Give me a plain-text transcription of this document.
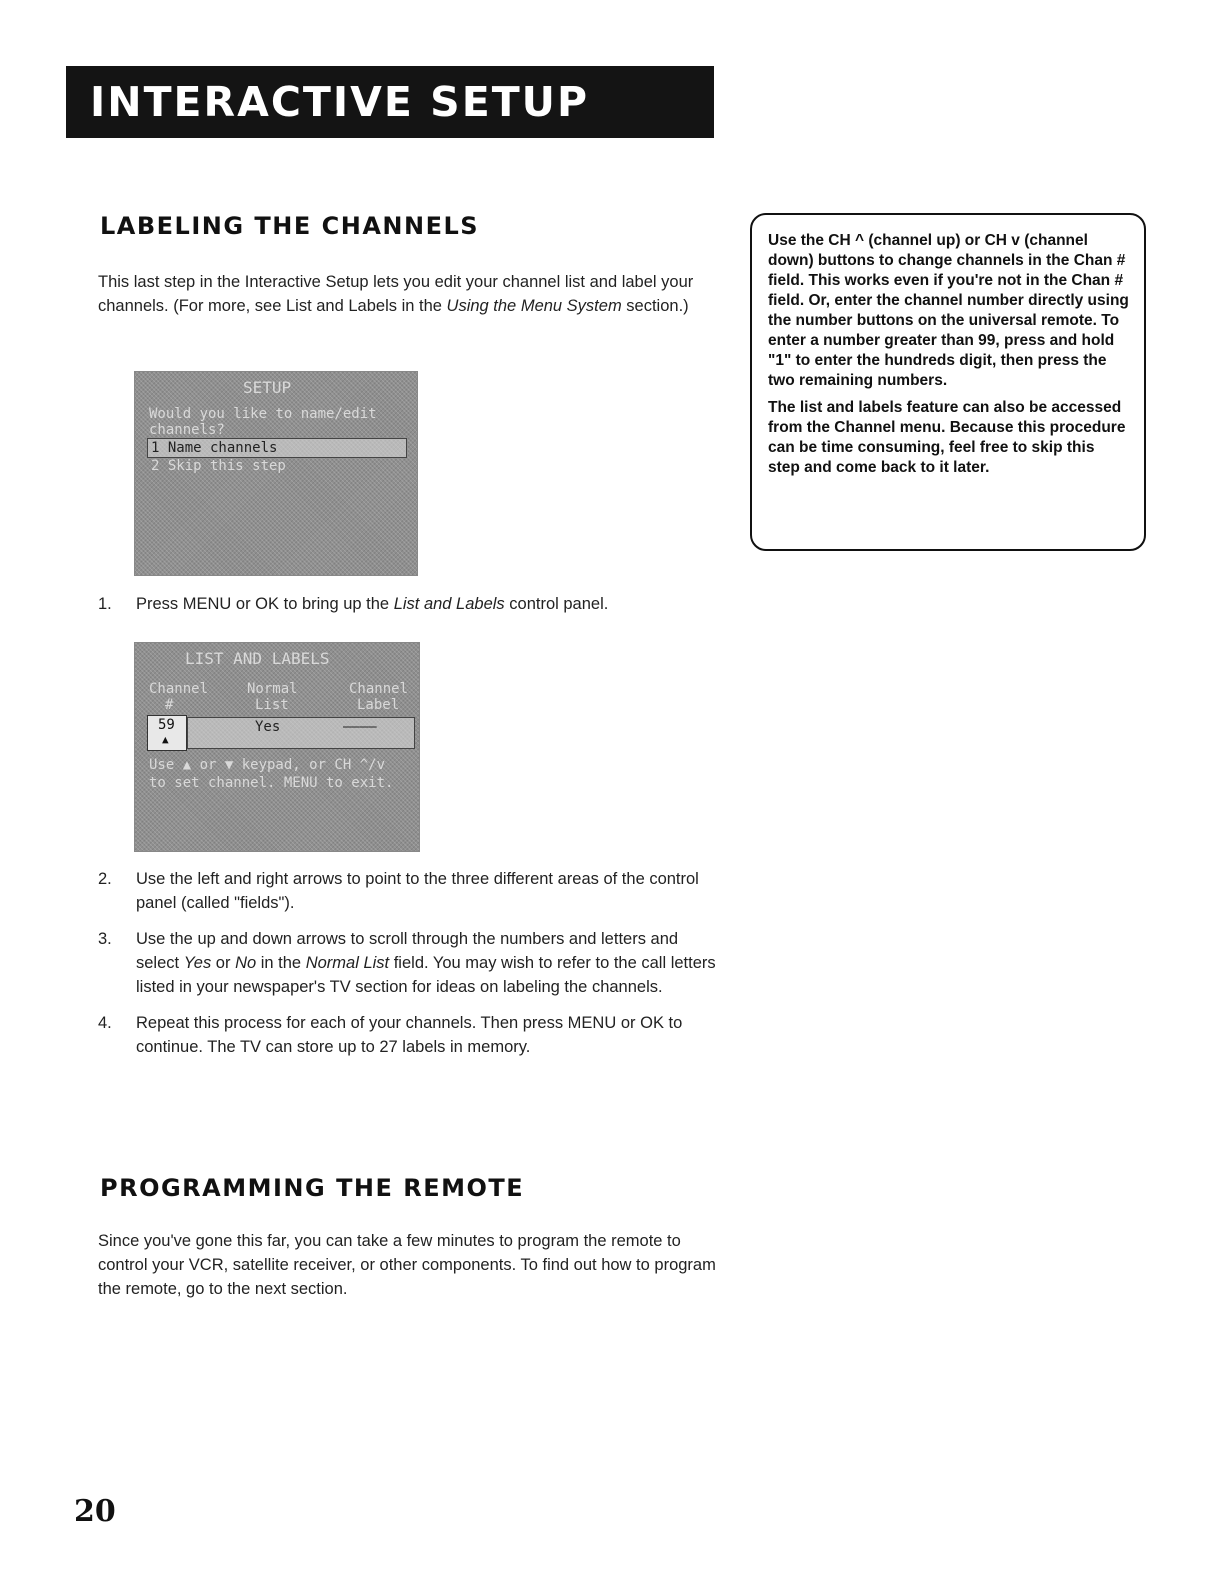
INTERACTIVE SETUP
LABELING THE CHANNELS

This last step in the Interactive Setup lets you edit your channel list and label your channels. (For more, see List and Labels in the Using the Menu System section.)

SETUP
Would you like to name/edit
channels?
1 Name channels
2 Skip this step
1. Press MENU or OK to bring up the List and Labels control panel.
LIST AND LABELS
Channel
#
Normal
List
Channel
Label
59
▲
Yes	————
Use ▲ or ▼ keypad, or CH ^/v
to set channel. MENU to exit.
2. Use the left and right arrows to point to the three different areas of the control panel (called "fields").
3. Use the up and down arrows to scroll through the numbers and letters and select Yes or No in the Normal List field. You may wish to refer to the call letters listed in your newspaper's TV section for ideas on labeling the channels.
4. Repeat this process for each of your channels. Then press MENU or OK to continue. The TV can store up to 27 labels in memory.

Use the CH ^ (channel up) or CH v (channel down) buttons to change channels in the Chan # field. This works even if you're not in the Chan # field. Or, enter the channel number directly using the number buttons on the universal remote. To enter a number greater than 99, press and hold "1" to enter the hundreds digit, then press the two remaining numbers.

The list and labels feature can also be accessed from the Channel menu. Because this procedure can be time consuming, feel free to skip this step and come back to it later.

PROGRAMMING THE REMOTE

Since you've gone this far, you can take a few minutes to program the remote to control your VCR, satellite receiver, or other components. To find out how to program the remote, go to the next section.

20
